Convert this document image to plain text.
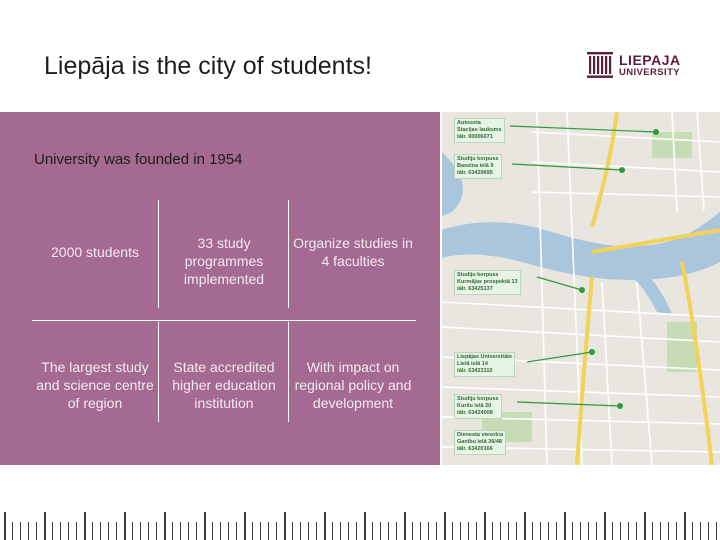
Liepāja is the city of students!	LIEPAJA
UNIVERSITY
University was founded in 1954
2000 students
33 study programmes implemented
Organize studies in 4 faculties
The largest study and science centre of region
State accredited higher education institution
With impact on regional policy and development
Autoosta
Stacijas laukums
tālr. 90006071
Studiju korpuss
Baseina ielā 9
tālr. 63429695
Studiju korpuss
Kurmājas prospektā 13
tālr. 63425137
Liepājas Universitāte
Lielā ielā 14
tālr. 63423110
Studiju korpuss
Kuršu ielā 20
tālr. 63424008
Dienesta viesnīca
Ganību ielā 36/48
tālr. 63420166
